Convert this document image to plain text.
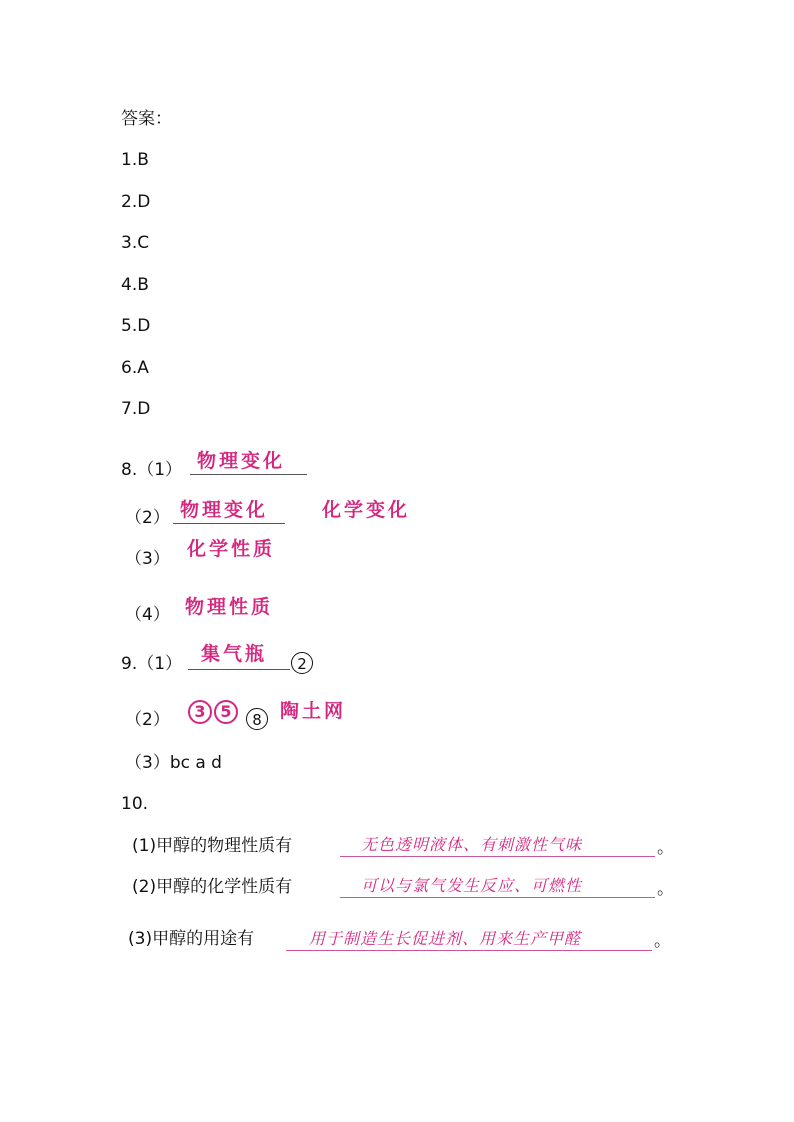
答案：
1.B
2.D
3.C
4.B
5.D
6.A
7.D
8.（1） 物理变化
（2） 物理变化	化学变化
（3） 化学性质
（4） 物理性质
9.（1） 集气瓶	2
（2）	3 5	8 陶土网
（3）bc a d
10.
(1)甲醇的物理性质有	无色透明液体、有刺激性气味	。
(2)甲醇的化学性质有	可以与氯气发生反应、可燃性	。
(3)甲醇的用途有	用于制造生长促进剂、用来生产甲醛	。
